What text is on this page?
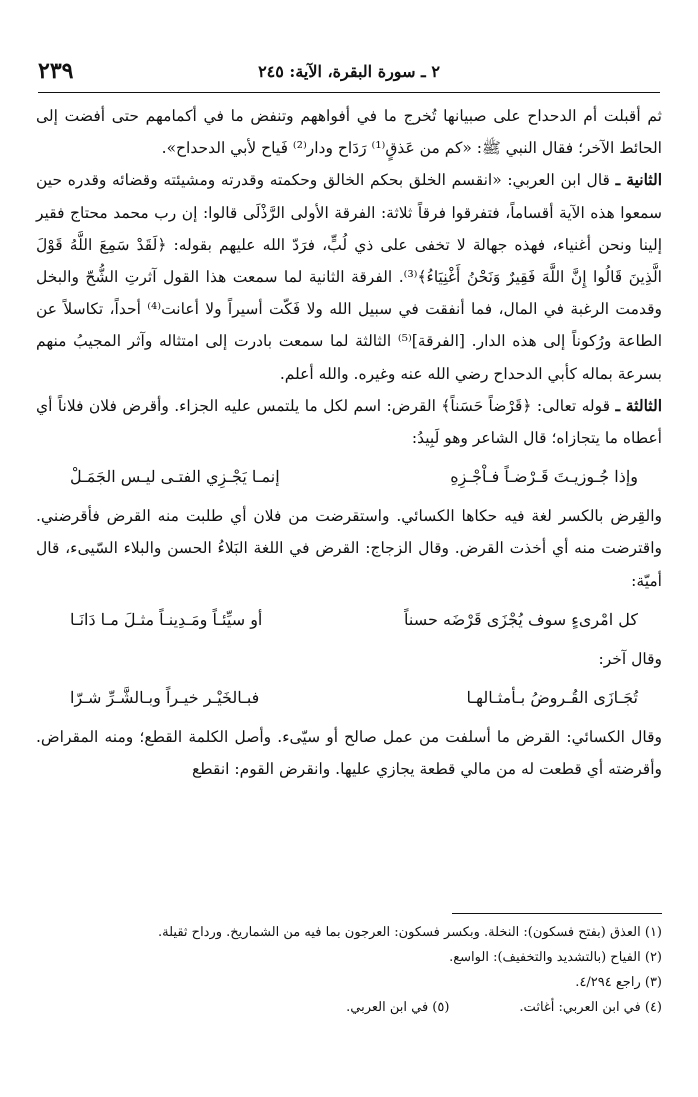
٢٣٩	٢ ـ سورة البقرة، الآية: ٢٤٥

ثم أقبلت أم الدحداح على صبيانها تُخرج ما في أفواههم وتنفض ما في أكمامهم حتى أفضت إلى الحائط الآخر؛ فقال النبي ﷺ: «كم من عَذقٍ⁽¹⁾ رَدَاح ودار⁽²⁾ فَياح لأبي الدحداح».

الثانية ـ قال ابن العربي: «انقسم الخلق بحكم الخالق وحكمته وقدرته ومشيئته وقضائه وقدره حين سمعوا هذه الآية أقساماً، فتفرقوا فرقاً ثلاثة: الفرقة الأولى الرَّذْلَى قالوا: إن رب محمد محتاج فقير إلينا ونحن أغنياء، فهذه جهالة لا تخفى على ذي لُبٍّ، فرَدّ الله عليهم بقوله: ﴿لَقَدْ سَمِعَ اللَّهُ قَوْلَ الَّذِينَ قَالُوا إِنَّ اللَّهَ فَقِيرٌ وَنَحْنُ أَغْنِيَاءُ﴾⁽³⁾. الفرقة الثانية لما سمعت هذا القول آثرتِ الشُّحّ والبخل وقدمت الرغبة في المال، فما أنفقت في سبيل الله ولا فَكّت أسيراً ولا أعانت⁽⁴⁾ أحداً، تكاسلاً عن الطاعة ورُكوناً إلى هذه الدار. [الفرقة]⁽⁵⁾ الثالثة لما سمعت بادرت إلى امتثاله وآثر المجيبُ منهم بسرعة بماله كأبي الدحداح رضي الله عنه وغيره. والله أعلم.

الثالثة ـ قوله تعالى: ﴿قَرْضاً حَسَناً﴾ القرض: اسم لكل ما يلتمس عليه الجزاء. وأقرض فلان فلاناً أي أعطاه ما يتجازاه؛ قال الشاعر وهو لَبِيدُ:

وإذا جُـوزيـتَ قَـرْضـاً فـاْجْـزِهِ
إنمـا يَجْـزِي الفتـى ليـس الجَمَـلْ

والقِرض بالكسر لغة فيه حكاها الكسائي. واستقرضت من فلان أي طلبت منه القرض فأقرضني. واقترضت منه أي أخذت القرض. وقال الزجاج: القرض في اللغة البَلاءُ الحسن والبلاء السّيىء، قال أميّة:

كل امْرىءٍ سوف يُجْزَى قَرْضَه حسناً
أو سيِّئـاً ومَـدِينـاً مثـلَ مـا دَانَـا

وقال آخر:

تُجَـازَى القُـروضُ بـأمثـالهـا
فبـالخَيْـر خيـراً وبـالشَّـرِّ شـرّا

وقال الكسائي: القرض ما أسلفت من عمل صالح أو سيّىء. وأصل الكلمة القطع؛ ومنه المقراض. وأقرضته أي قطعت له من مالي قطعة يجازي عليها. وانقرض القوم: انقطع

(١) العذق (بفتح فسكون): النخلة. وبكسر فسكون: العرجون بما فيه من الشماريخ. ورداح ثقيلة.

(٢) الفياح (بالتشديد والتخفيف): الواسع.

(٣) راجع ٤/٢٩٤.

(٤) في ابن العربي: أغاثت.
(٥) في ابن العربي.
